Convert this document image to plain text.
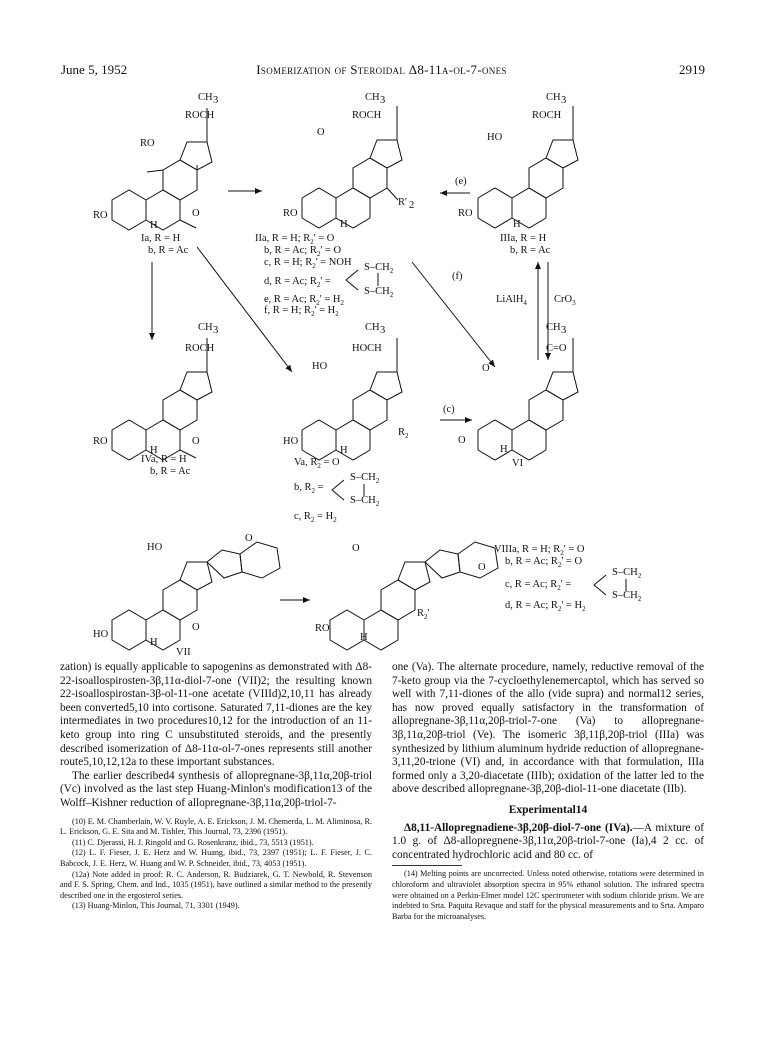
June 5, 1952	Isomerization of Steroidal Δ8-11α-ol-7-ones	2919
CH 3
ROCH
RO
RO
H
O
Ia, R = H
b, R = Ac
CH 3
ROCH
O
R' 2
RO
H
IIa, R = H; $R_2' = O$
b, R = Ac; $R_2' = O$
c, R = H; $R_2'$ = NOH $S-CH_2$
d, R = Ac; $R_2'$ =
$S-CH_2$
e, R = Ac; $R_2' = H_2$
f, R = H; $R_2' = H_2$
(e)
CH 3
ROCH
HO
RO
H
IIIa, R = H
b, R = Ac
LiAlH$_4$	CrO$_3$
(f)
CH 3
ROCH
RO
H
O
IVa, R = H
b, R = Ac
CH 3
HOCH
HO
$R_2$
HO
H
Va, $R_2 = O$
$S-CH_2$
b, $R_2$ =
$S-CH_2$
c, $R_2 = H_2$
(c)
CH 3
C=O
O
O
H
VI
O
HO
HO
H
O
VII
O
O
$R_2'$
RO
H
VIIIa, R = H; $R_2' = O$
b, R = Ac; $R_2' = O$
$S-CH_2$
c, R = Ac; $R_2'$ =
$S-CH_2$
d, R = Ac; $R_2' = H_2$

zation) is equally applicable to sapogenins as demonstrated with Δ8-22-isoallospirosten-3β,11α-diol-7-one (VII)2; the resulting known 22-isoallospirostan-3β-ol-11-one acetate (VIIId)2,10,11 has already been converted5,10 into cortisone. Saturated 7,11-diones are the key intermediates in two procedures10,12 for the introduction of an 11-keto group into ring C unsubstituted steroids, and the presently described isomerization of Δ8-11α-ol-7-ones represents still another route5,10,12,12a to these important substances.

The earlier described4 synthesis of allopregnane-3β,11α,20β-triol (Vc) involved as the last step Huang-Minlon's modification13 of the Wolff–Kishner reduction of allopregnane-3β,11α,20β-triol-7-

(10) E. M. Chamberlain, W. V. Ruyle, A. E. Erickson, J. M. Chemerda, L. M. Aliminosa, R. L. Erickson, G. E. Sita and M. Tishler, This Journal, 73, 2396 (1951).

(11) C. Djerassi, H. J. Ringold and G. Rosenkranz, ibid., 73, 5513 (1951).

(12) L. F. Fieser, J. E. Herz and W. Huang, ibid., 73, 2397 (1951); L. F. Fieser, J. C. Babcock, J. E. Herz, W. Huang and W. P. Schneider, ibid., 73, 4053 (1951).

(12a) Note added in proof: R. C. Anderson, R. Budziarek, G. T. Newbold, R. Stevenson and F. S. Spring, Chem. and Ind., 1035 (1951), have outlined a similar method to the presently described one in the ergosterol series.

(13) Huang-Minlon, This Journal, 71, 3301 (1949).

one (Va). The alternate procedure, namely, reductive removal of the 7-keto group via the 7-cycloethylenemercaptol, which has served so well with 7,11-diones of the allo (vide supra) and normal12 series, has now proved equally satisfactory in the transformation of allopregnane-3β,11α,20β-triol-7-one (Va) to allopregnane-3β,11α,20β-triol (Ve). The isomeric 3β,11β,20β-triol (IIIa) was synthesized by lithium aluminum hydride reduction of allopregnane-3,11,20-trione (VI) and, in accordance with that formulation, IIIa formed only a 3,20-diacetate (IIIb); oxidation of the latter led to the above described allopregnane-3β,20β-diol-11-one diacetate (IIb).

Experimental14

Δ8,11-Allopregnadiene-3β,20β-diol-7-one (IVa).—A mixture of 1.0 g. of Δ8-allopregnene-3β,11α,20β-triol-7-one (Ia),4 2 cc. of concentrated hydrochloric acid and 80 cc. of

(14) Melting points are uncorrected. Unless noted otherwise, rotations were determined in chloroform and ultraviolet absorption spectra in 95% ethanol solution. The infrared spectra were obtained on a Perkin-Elmer model 12C spectrometer with sodium chloride prism. We are indebted to Srta. Paquita Revaque and staff for the physical measurements and to Srta. Amparo Barba for the microanalyses.
